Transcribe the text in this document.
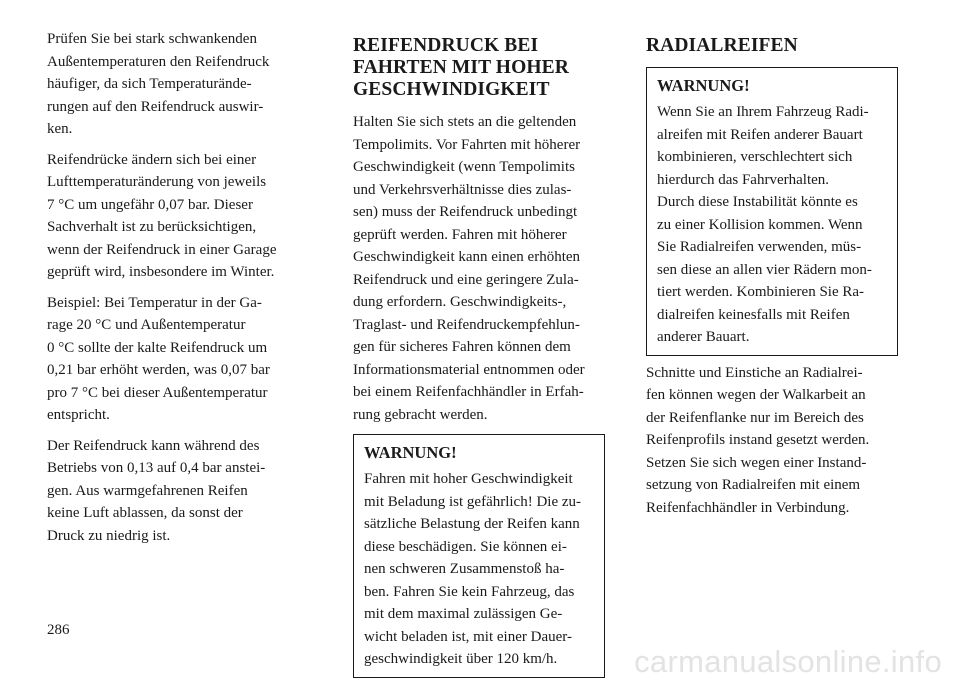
Prüfen Sie bei stark schwankenden
Außentemperaturen den Reifendruck
häufiger, da sich Temperaturände-
rungen auf den Reifendruck auswir-
ken.

Reifendrücke ändern sich bei einer
Lufttemperaturänderung von jeweils
7 °C um ungefähr 0,07 bar. Dieser
Sachverhalt ist zu berücksichtigen,
wenn der Reifendruck in einer Garage
geprüft wird, insbesondere im Winter.

Beispiel: Bei Temperatur in der Ga-
rage 20 °C und Außentemperatur
0 °C sollte der kalte Reifendruck um
0,21 bar erhöht werden, was 0,07 bar
pro 7 °C bei dieser Außentemperatur
entspricht.

Der Reifendruck kann während des
Betriebs von 0,13 auf 0,4 bar anstei-
gen. Aus warmgefahrenen Reifen
keine Luft ablassen, da sonst der
Druck zu niedrig ist.

REIFENDRUCK BEI
FAHRTEN MIT HOHER
GESCHWINDIGKEIT

Halten Sie sich stets an die geltenden
Tempolimits. Vor Fahrten mit höherer
Geschwindigkeit (wenn Tempolimits
und Verkehrsverhältnisse dies zulas-
sen) muss der Reifendruck unbedingt
geprüft werden. Fahren mit höherer
Geschwindigkeit kann einen erhöhten
Reifendruck und eine geringere Zula-
dung erfordern. Geschwindigkeits-,
Traglast- und Reifendruckempfehlun-
gen für sicheres Fahren können dem
Informationsmaterial entnommen oder
bei einem Reifenfachhändler in Erfah-
rung gebracht werden.

WARNUNG!

Fahren mit hoher Geschwindigkeit
mit Beladung ist gefährlich! Die zu-
sätzliche Belastung der Reifen kann
diese beschädigen. Sie können ei-
nen schweren Zusammenstoß ha-
ben. Fahren Sie kein Fahrzeug, das
mit dem maximal zulässigen Ge-
wicht beladen ist, mit einer Dauer-
geschwindigkeit über 120 km/h.

RADIALREIFEN
WARNUNG!

Wenn Sie an Ihrem Fahrzeug Radi-
alreifen mit Reifen anderer Bauart
kombinieren, verschlechtert sich
hierdurch das Fahrverhalten.
Durch diese Instabilität könnte es
zu einer Kollision kommen. Wenn
Sie Radialreifen verwenden, müs-
sen diese an allen vier Rädern mon-
tiert werden. Kombinieren Sie Ra-
dialreifen keinesfalls mit Reifen
anderer Bauart.

Schnitte und Einstiche an Radialrei-
fen können wegen der Walkarbeit an
der Reifenflanke nur im Bereich des
Reifenprofils instand gesetzt werden.
Setzen Sie sich wegen einer Instand-
setzung von Radialreifen mit einem
Reifenfachhändler in Verbindung.

286
carmanualsonline.info
